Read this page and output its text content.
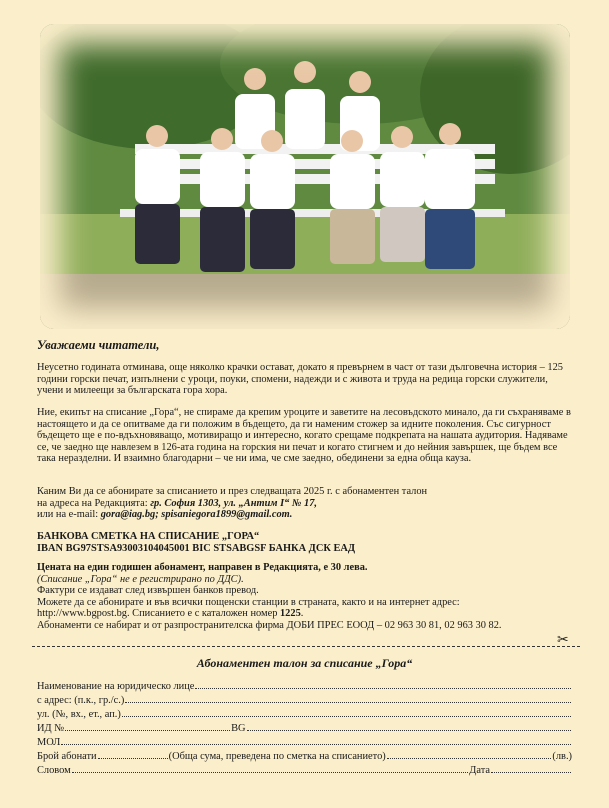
Уважаеми читатели,

Неусетно годината отминава, още няколко крачки остават, докато я превърнем в част от тази дълговечна история – 125 години горски печат, изпълнени с уроци, поуки, спомени, надежди и с живота и труда на редица горски служители, учени и милеещи за българската гора хора.

Ние, екипът на списание „Гора“, не спираме да крепим уроците и заветите на лесовъдското минало, да ги съхраняваме в настоящето и да се опитваме да ги положим в бъдещето, да ги наменим стожер за идните поколения. Със сигурност бъдещето ще е по-вдъхновяващо, мотивиращо и интересно, когато срещаме подкрепата на нашата аудитория. Надяваме се, че заедно ще навлезем в 126-ата година на горския ни печат и когато стигнем и до нейния завършек, ще бъдем все така неразделни. И взаимно благодарни – че ни има, че сме заедно, обединени за една обща кауза.

Каним Ви да се абонирате за списанието и през следващата 2025 г. с абонаментен талон
на адреса на Редакцията: гр. София 1303, ул. „Антим I“ № 17,
или на e-mail: gora@iag.bg; spisaniegora1899@gmail.com.
БАНКОВА СМЕТКА НА СПИСАНИЕ „ГОРА“
IBAN BG97STSA93003104045001 BIC STSABGSF БАНКА ДСК ЕАД
Цената на един годишен абонамент, направен в Редакцията, е 30 лева.
(Списание „Гора“ не е регистрирано по ДДС).
Фактури се издават след извършен банков превод.
Можете да се абонирате и във всички пощенски станции в страната, както и на интернет адрес:
http://www.bgpost.bg. Списанието е с каталожен номер 1225.
Абонаменти се набират и от разпространителска фирма ДОБИ ПРЕС ЕООД – 02 963 30 81, 02 963 30 82.
✂
Абонаментен талон за списание „Гора“
Наименование на юридическо лице
с адрес: (п.к., гр./с.)
ул. (№, вх., ет., ап.)
ИД №	BG
МОЛ
Брой абонати	(Обща сума, преведена по сметка на списанието)	(лв.)
Словом	Дата
